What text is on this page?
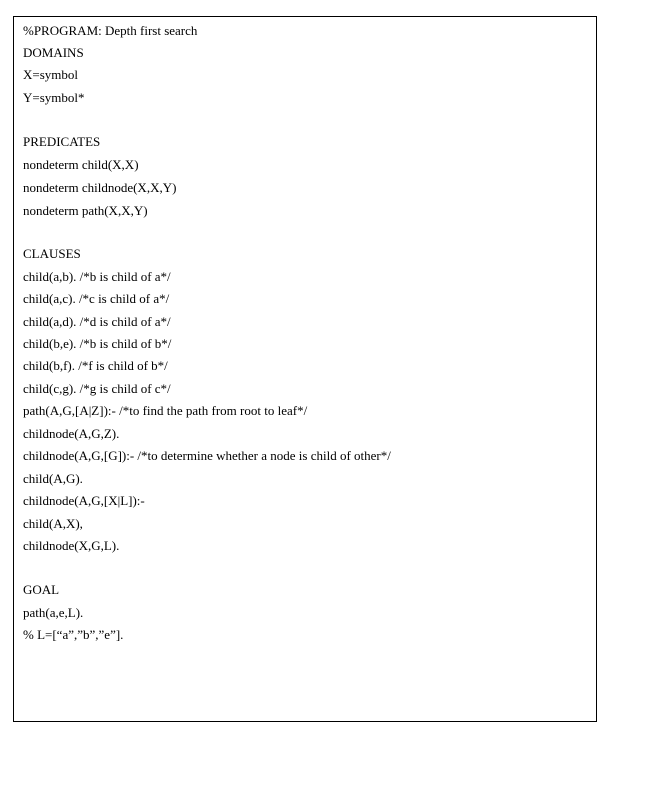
%PROGRAM: Depth first search
DOMAINS
X=symbol
Y=symbol*
PREDICATES
nondeterm child(X,X)
nondeterm childnode(X,X,Y)
nondeterm path(X,X,Y)
CLAUSES
child(a,b). /*b is child of a*/
child(a,c). /*c is child of a*/
child(a,d). /*d is child of a*/
child(b,e). /*b is child of b*/
child(b,f). /*f is child of b*/
child(c,g). /*g is child of c*/
path(A,G,[A|Z]):- /*to find the path from root to leaf*/
childnode(A,G,Z).
childnode(A,G,[G]):- /*to determine whether a node is child of other*/
child(A,G).
childnode(A,G,[X|L]):-
child(A,X),
childnode(X,G,L).
GOAL
path(a,e,L).
% L=[“a”,”b”,”e”].
